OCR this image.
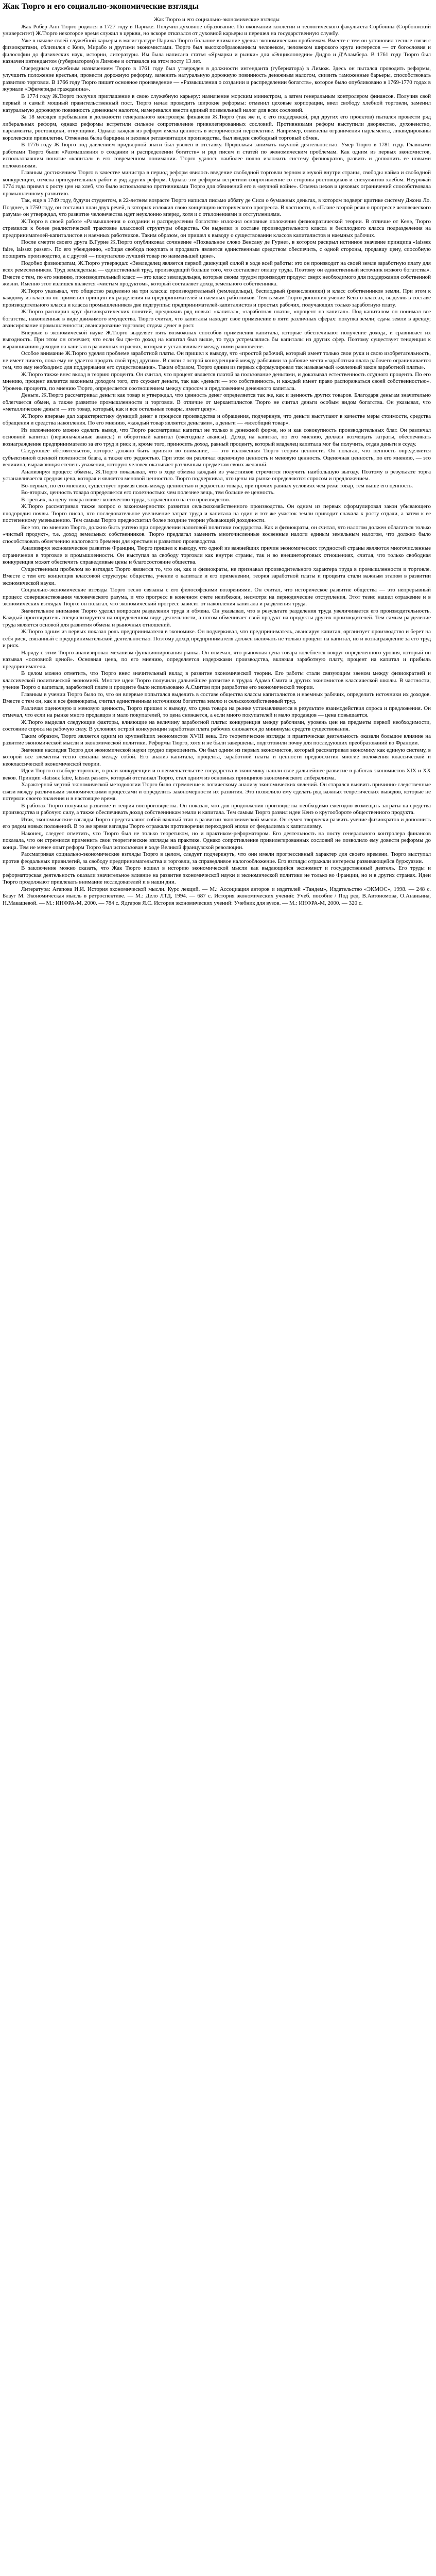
Жак Тюрго и его социально-экономические взгляды

Жак Тюрго и его социально-экономические взгляды

Жак Робер Анн Тюрго родился в 1727 году в Париже. Получил духовное образование. По окончании коллегии и теологического факультета Сорбонны (Сорбоннский университет) Ж.Тюрго некоторое время служил в церкви, но вскоре отказался от духовной карьеры и перешел на государственную службу.

Уже в начале своей служебной карьеры в магистратуре Парижа Тюрго большое внимание уделял экономическим проблемам. Вместе с тем он установил тесные связи с физиократами, сблизился с Кенэ, Мирабо и другими экономистами. Тюрго был высокообразованным человеком, человеком широкого круга интересов — от богословия и философии до физических наук, истории, литературы. Им была написана статья «Ярмарки и рынки» для «Энциклопедии» Дидро и Д'Аламбера. В 1761 году Тюрго был назначен интендантом (губернатором) в Лиможе и оставался на этом посту 13 лет.

Очередным служебным назначением Тюрго в 1761 году был утвержден в должности интенданта (губернатора) в Лимож. Здесь он пытался проводить реформы, улучшить положение крестьян, провести дорожную реформу, заменить натуральную дорожную повинность денежным налогом, снизить таможенные барьеры, способствовать развитию торговли. В 1766 году Тюрго пишет основное произведение — «Размышления о создании и распределении богатств», которое было опубликовано в 1769-1770 годах в журнале «Эфемериды гражданина».

В 1774 году Ж.Тюрго получил приглашение в свою служебную карьеру: назначение морским министром, а затем генеральным контролером финансов. Получив свой первый и самый мощный правительственный пост, Тюрго начал проводить широкие реформы: отменил цеховые корпорации, ввел свободу хлебной торговли, заменил натуральную дорожную повинность денежным налогом, намеревался ввести единый поземельный налог для всех сословий.

За 18 месяцев пребывания в должности генерального контролера финансов Ж.Тюрго (так же и, с его поддержкой, ряд других его проектов) пытался провести ряд либеральных реформ, однако реформы встретили сильное сопротивление привилегированных сословий. Противниками реформ выступили дворянство, духовенство, парламенты, ростовщики, откупщики. Однако каждая из реформ имела ценность в исторической перспективе. Например, отменены ограничения парламента, ликвидированы королевские привилегии. Отменена была барщина и цеховая регламентация производства, был введен свободный торговый обмен.

В 1776 году Ж.Тюрго под давлением придворной знати был уволен в отставку. Продолжая занимать научной деятельностью. Умер Тюрго в 1781 году. Главными работами Тюрго были «Размышления о создании и распределении богатств» и ряд писем и статей по экономическим проблемам. Как одним из первых экономистов, использовавшим понятие «капитал» в его современном понимании. Тюрго удалось наиболее полно изложить систему физиократов, развить и дополнить ее новыми положениями.

Главным достижением Тюрго в качестве министра в период реформ явилось введение свободной торговли зерном и мукой внутри страны, свободы найма и свободной конкуренции, отмена принудительных работ и ряд других реформ. Однако эти реформы встретили сопротивление со стороны ростовщиков и спекулянтов хлебом. Неурожай 1774 года привел к росту цен на хлеб, что было использовано противниками Тюрго для обвинений его в «мучной войне». Отмена цехов и цеховых ограничений способствовала промышленному развитию.

Так, еще в 1749 году, будучи студентом, в 22-летнем возрасте Тюрго написал письмо аббату де Сиси о бумажных деньгах, в котором подверг критике систему Джона Ло. Позднее, в 1750 году, он составил план двух речей, в которых изложил свою концепцию исторического прогресса. В частности, в «Плане второй речи о прогрессе человеческого разума» он утверждал, что развитие человечества идет неуклонно вперед, хотя и с отклонениями и отступлениями.

Ж.Тюрго в своей работе «Размышления о создании и распределении богатств» изложил основные положения физиократической теории. В отличие от Кенэ, Тюрго стремился к более реалистической трактовке классовой структуры общества. Он выделил в составе производительного класса и бесплодного класса подразделения на предпринимателей-капиталистов и наемных работников. Таким образом, он пришел к выводу о существовании классов капиталистов и наемных рабочих.

После смерти своего друга В.Гурне Ж.Тюрго опубликовал сочинение «Похвальное слово Венсану де Гурне», в котором раскрыл истинное значение принципа «laissez faire, laissez passer». По его убеждению, «общая свобода покупать и продавать является единственным средством обеспечить, с одной стороны, продавцу цену, способную поощрять производство, а с другой — покупателю лучший товар по наименьшей цене».

Подобно физиократам, Ж.Тюрго утверждал: «Земледелец является первой движущей силой в ходе всей работы: это он производит на своей земле заработную плату для всех ремесленников. Труд земледельца — единственный труд, производящий больше того, что составляет оплату труда. Поэтому он единственный источник всякого богатства». Вместе с тем, по его мнению, производительный класс — это класс земледельцев, которые своим трудом производят продукт сверх необходимого для поддержания собственной жизни. Именно этот излишек является «чистым продуктом», который составляет доход земельного собственника.

Ж.Тюрго указывал, что общество разделено на три класса: производительный (земледельцы), бесплодный (ремесленники) и класс собственников земли. При этом к каждому из классов он применил принцип их разделения на предпринимателей и наемных работников. Тем самым Тюрго дополнил учение Кенэ о классах, выделив в составе производительного класса и класса промышленников две подгруппы: предпринимателей-капиталистов и простых рабочих, получающих только заработную плату.

Ж.Тюрго расширил круг физиократических понятий, предложив ряд новых: «капитал», «заработная плата», «процент на капитал». Под капиталом он понимал все богатства, накопленные в виде движимого имущества. Тюрго считал, что капиталы находят свое применение в пяти различных сферах: покупка земли; сдача земли в аренду; авансирование промышленности; авансирование торговли; отдача денег в рост.

Впервые в экономической науке Ж.Тюрго выделяет пять возможных способов применения капитала, которые обеспечивают получение дохода, и сравнивает их выгодность. При этом он отмечает, что если бы где-то доход на капитал был выше, то туда устремлялись бы капиталы из других сфер. Поэтому существует тенденция к выравниванию доходов на капитал в различных отраслях, которая и устанавливает между ними равновесие.

Особое внимание Ж.Тюрго уделял проблеме заработной платы. Он пришел к выводу, что «простой рабочий, который имеет только свои руки и свою изобретательность, не имеет ничего, пока ему не удается продать свой труд другим». В связи с острой конкуренцией между рабочими за рабочие места «заработная плата рабочего ограничивается тем, что ему необходимо для поддержания его существования». Таким образом, Тюрго одним из первых сформулировал так называемый «железный закон заработной платы».

Ж.Тюрго также внес вклад в теорию процента. Он считал, что процент является платой за пользование деньгами, и доказывал естественность ссудного процента. По его мнению, процент является законным доходом того, кто ссужает деньги, так как «деньги — это собственность, и каждый имеет право распоряжаться своей собственностью». Уровень процента, по мнению Тюрго, определяется соотношением между спросом и предложением денежного капитала.

Деньги. Ж.Тюрго рассматривал деньги как товар и утверждал, что ценность денег определяется так же, как и ценность других товаров. Благодаря деньгам значительно облегчается обмен, а также развитие промышленности и торговли. В отличие от меркантилистов Тюрго не считал деньги особым видом богатства. Он указывал, что «металлические деньги — это товар, который, как и все остальные товары, имеет цену».

Ж.Тюрго впервые дал характеристику функций денег в процессе производства и обращения, подчеркнув, что деньги выступают в качестве меры стоимости, средства обращения и средства накопления. По его мнению, «каждый товар является деньгами», а деньги — «всеобщий товар».

Из изложенного можно сделать вывод, что Тюрго рассматривал капитал не только в денежной форме, но и как совокупность производительных благ. Он различал основной капитал (первоначальные авансы) и оборотный капитал (ежегодные авансы). Доход на капитал, по его мнению, должен возмещать затраты, обеспечивать вознаграждение предпринимателю за его труд и риск и, кроме того, приносить доход, равный проценту, который владелец капитала мог бы получить, отдав деньги в ссуду.

Следующее обстоятельство, которое должно быть принято во внимание, — это изложенная Тюрго теория ценности. Он полагал, что ценность определяется субъективной оценкой полезности блага, а также его редкостью. При этом он различал оценочную ценность и меновую ценность. Оценочная ценность, по его мнению, — это величина, выражающая степень уважения, которую человек оказывает различным предметам своих желаний.

Анализируя процесс обмена, Ж.Тюрго показывал, что в ходе обмена каждый из участников стремится получить наибольшую выгоду. Поэтому в результате торга устанавливается средняя цена, которая и является меновой ценностью. Тюрго подчеркивал, что цены на рынке определяются спросом и предложением.

Во-первых, по его мнению, существует прямая связь между ценностью и редкостью товара, при прочих равных условиях чем реже товар, тем выше его ценность.

Во-вторых, ценность товара определяется его полезностью: чем полезнее вещь, тем больше ее ценность.

В-третьих, на цену товара влияет количество труда, затраченного на его производство.

Ж.Тюрго рассматривал также вопрос о закономерностях развития сельскохозяйственного производства. Он одним из первых сформулировал закон убывающего плодородия почвы. Тюрго писал, что последовательное увеличение затрат труда и капитала на один и тот же участок земли приводит сначала к росту отдачи, а затем к ее постепенному уменьшению. Тем самым Тюрго предвосхитил более поздние теории убывающей доходности.

Все это, по мнению Тюрго, должно быть учтено при определении налоговой политики государства. Как и физиократы, он считал, что налогом должен облагаться только «чистый продукт», т.е. доход земельных собственников. Тюрго предлагал заменить многочисленные косвенные налоги единым земельным налогом, что должно было способствовать облегчению налогового бремени для крестьян и развитию производства.

Анализируя экономическое развитие Франции, Тюрго пришел к выводу, что одной из важнейших причин экономических трудностей страны являются многочисленные ограничения в торговле и промышленности. Он выступал за свободу торговли как внутри страны, так и во внешнеторговых отношениях, считая, что только свободная конкуренция может обеспечить справедливые цены и благосостояние общества.

Существенным пробелом во взглядах Тюрго является то, что он, как и физиократы, не признавал производительного характера труда в промышленности и торговле. Вместе с тем его концепция классовой структуры общества, учение о капитале и его применении, теория заработной платы и процента стали важным этапом в развитии экономической науки.

Социально-экономические взгляды Тюрго тесно связаны с его философскими воззрениями. Он считал, что историческое развитие общества — это непрерывный процесс совершенствования человеческого разума, и что прогресс в конечном счете неизбежен, несмотря на периодические отступления. Этот тезис нашел отражение и в экономических взглядах Тюрго: он полагал, что экономический прогресс зависит от накопления капитала и разделения труда.

Значительное внимание Тюрго уделял вопросам разделения труда и обмена. Он указывал, что в результате разделения труда увеличивается его производительность. Каждый производитель специализируется на определенном виде деятельности, а потом обменивает свой продукт на продукты других производителей. Тем самым разделение труда является основой для развития обмена и рыночных отношений.

Ж.Тюрго одним из первых показал роль предпринимателя в экономике. Он подчеркивал, что предприниматель, авансируя капитал, организует производство и берет на себя риск, связанный с предпринимательской деятельностью. Поэтому доход предпринимателя должен включать не только процент на капитал, но и вознаграждение за его труд и риск.

Наряду с этим Тюрго анализировал механизм функционирования рынка. Он отмечал, что рыночная цена товара колеблется вокруг определенного уровня, который он называл «основной ценой». Основная цена, по его мнению, определяется издержками производства, включая заработную плату, процент на капитал и прибыль предпринимателя.

В целом можно отметить, что Тюрго внес значительный вклад в развитие экономической теории. Его работы стали связующим звеном между физиократией и классической политической экономией. Многие идеи Тюрго получили дальнейшее развитие в трудах Адама Смита и других экономистов классической школы. В частности, учение Тюрго о капитале, заработной плате и проценте было использовано А.Смитом при разработке его экономической теории.

Главным в учении Тюрго было то, что он впервые попытался выделить в составе общества классы капиталистов и наемных рабочих, определить источники их доходов. Вместе с тем он, как и все физиократы, считал единственным источником богатства землю и сельскохозяйственный труд.

Различая оценочную и меновую ценность, Тюрго пришел к выводу, что цена товара на рынке устанавливается в результате взаимодействия спроса и предложения. Он отмечал, что если на рынке много продавцов и мало покупателей, то цена снижается, а если много покупателей и мало продавцов — цена повышается.

Ж.Тюрго выделял следующие факторы, влияющие на величину заработной платы: конкуренция между рабочими, уровень цен на предметы первой необходимости, состояние спроса на рабочую силу. В условиях острой конкуренции заработная плата рабочих снижается до минимума средств существования.

Таким образом, Тюрго является одним из крупнейших экономистов XVIII века. Его теоретические взгляды и практическая деятельность оказали большое влияние на развитие экономической мысли и экономической политики. Реформы Тюрго, хотя и не были завершены, подготовили почву для последующих преобразований во Франции.

Значение наследия Тюрго для экономической науки трудно переоценить. Он был одним из первых экономистов, который рассматривал экономику как единую систему, в которой все элементы тесно связаны между собой. Его анализ капитала, процента, заработной платы и ценности предвосхитил многие положения классической и неоклассической экономической теории.

Идеи Тюрго о свободе торговли, о роли конкуренции и о невмешательстве государства в экономику нашли свое дальнейшее развитие в работах экономистов XIX и XX веков. Принцип «laissez faire, laissez passer», который отстаивал Тюрго, стал одним из основных принципов экономического либерализма.

Характерной чертой экономической методологии Тюрго было стремление к логическому анализу экономических явлений. Он старался выявить причинно-следственные связи между различными экономическими процессами и определить закономерности их развития. Это позволило ему сделать ряд важных теоретических выводов, которые не потеряли своего значения и в настоящее время.

В работах Тюрго получила развитие и теория воспроизводства. Он показал, что для продолжения производства необходимо ежегодно возмещать затраты на средства производства и рабочую силу, а также обеспечивать доход собственникам земли и капитала. Тем самым Тюрго развил идеи Кенэ о кругообороте общественного продукта.

Итак, экономические взгляды Тюрго представляют собой важный этап в развитии экономической мысли. Он сумел творчески развить учение физиократов и дополнить его рядом новых положений. В то же время взгляды Тюрго отражали противоречия переходной эпохи от феодализма к капитализму.

Наконец, следует отметить, что Тюрго был не только теоретиком, но и практиком-реформатором. Его деятельность на посту генерального контролера финансов показала, что он стремился применить свои теоретические взгляды на практике. Однако сопротивление привилегированных сословий не позволило ему довести реформы до конца. Тем не менее опыт реформ Тюрго был использован в ходе Великой французской революции.

Рассматривая социально-экономические взгляды Тюрго в целом, следует подчеркнуть, что они имели прогрессивный характер для своего времени. Тюрго выступал против феодальных привилегий, за свободу предпринимательства и торговли, за справедливое налогообложение. Его взгляды отражали интересы развивающейся буржуазии.

В заключение можно сказать, что Жак Тюрго вошел в историю экономической мысли как выдающийся экономист и государственный деятель. Его труды и реформаторская деятельность оказали значительное влияние на развитие экономической науки и экономической политики не только во Франции, но и в других странах. Идеи Тюрго продолжают привлекать внимание исследователей и в наши дни.

Литература: Агапова И.И. История экономической мысли. Курс лекций. — М.: Ассоциация авторов и издателей «Тандем», Издательство «ЭКМОС», 1998. — 248 с. Блауг М. Экономическая мысль в ретроспективе. — М.: Дело ЛТД, 1994. — 687 с. История экономических учений: Учеб. пособие / Под ред. В.Автономова, О.Ананьина, Н.Макашевой. — М.: ИНФРА-М, 2000. — 784 с. Ядгаров Я.С. История экономических учений: Учебник для вузов. — М.: ИНФРА-М, 2000. — 320 с.
